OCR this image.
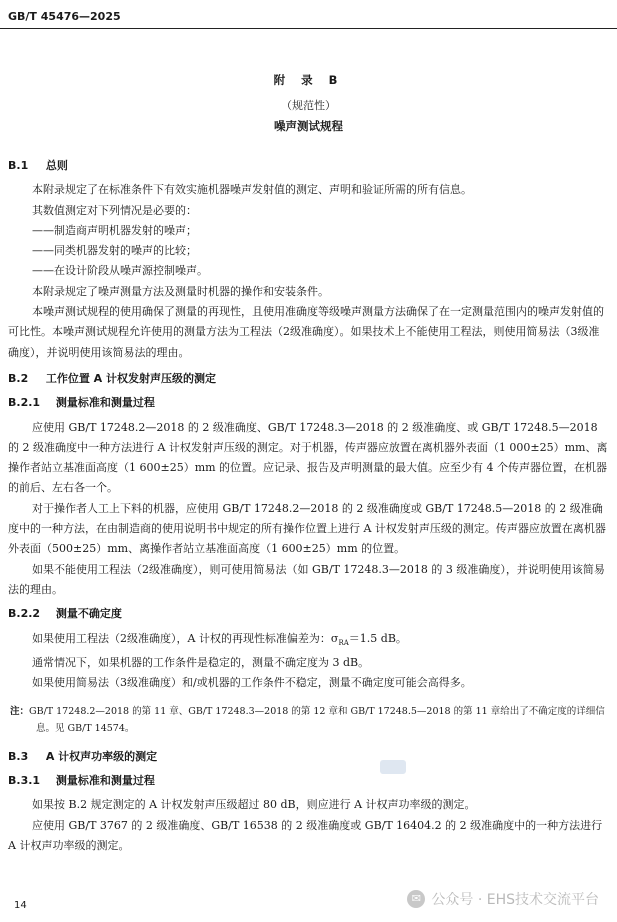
GB/T 45476—2025
附 录 B
（规范性）
噪声测试规程
B.1 总则

本附录规定了在标准条件下有效实施机器噪声发射值的测定、声明和验证所需的所有信息。

其数值测定对下列情况是必要的：

——制造商声明机器发射的噪声；

——同类机器发射的噪声的比较；

——在设计阶段从噪声源控制噪声。

本附录规定了噪声测量方法及测量时机器的操作和安装条件。

本噪声测试规程的使用确保了测量的再现性，且使用准确度等级噪声测量方法确保了在一定测量范围内的噪声发射值的可比性。本噪声测试规程允许使用的测量方法为工程法（2级准确度）。如果技术上不能使用工程法，则使用简易法（3级准确度），并说明使用该简易法的理由。

B.2 工作位置 A 计权发射声压级的测定
B.2.1 测量标准和测量过程

应使用 GB/T 17248.2—2018 的 2 级准确度、GB/T 17248.3—2018 的 2 级准确度、或 GB/T 17248.5—2018 的 2 级准确度中一种方法进行 A 计权发射声压级的测定。对于机器，传声器应放置在离机器外表面（1 000±25）mm、离操作者站立基准面高度（1 600±25）mm 的位置。应记录、报告及声明测量的最大值。应至少有 4 个传声器位置，在机器的前后、左右各一个。

对于操作者人工上下料的机器，应使用 GB/T 17248.2—2018 的 2 级准确度或 GB/T 17248.5—2018 的 2 级准确度中的一种方法，在由制造商的使用说明书中规定的所有操作位置上进行 A 计权发射声压级的测定。传声器应放置在离机器外表面（500±25）mm、离操作者站立基准面高度（1 600±25）mm 的位置。

如果不能使用工程法（2级准确度），则可使用简易法（如 GB/T 17248.3—2018 的 3 级准确度），并说明使用该简易法的理由。

B.2.2 测量不确定度

如果使用工程法（2级准确度），A 计权的再现性标准偏差为：$\sigma_{RA}=1.5$ dB。

通常情况下，如果机器的工作条件是稳定的，测量不确定度为 3 dB。

如果使用简易法（3级准确度）和/或机器的工作条件不稳定，测量不确定度可能会高得多。

注：GB/T 17248.2—2018 的第 11 章、GB/T 17248.3—2018 的第 12 章和 GB/T 17248.5—2018 的第 11 章给出了不确定度的详细信息。见 GB/T 14574。

B.3 A 计权声功率级的测定
B.3.1 测量标准和测量过程

如果按 B.2 规定测定的 A 计权发射声压级超过 80 dB，则应进行 A 计权声功率级的测定。

应使用 GB/T 3767 的 2 级准确度、GB/T 16538 的 2 级准确度或 GB/T 16404.2 的 2 级准确度中的一种方法进行 A 计权声功率级的测定。

14
✉ 公众号 · EHS技术交流平台
